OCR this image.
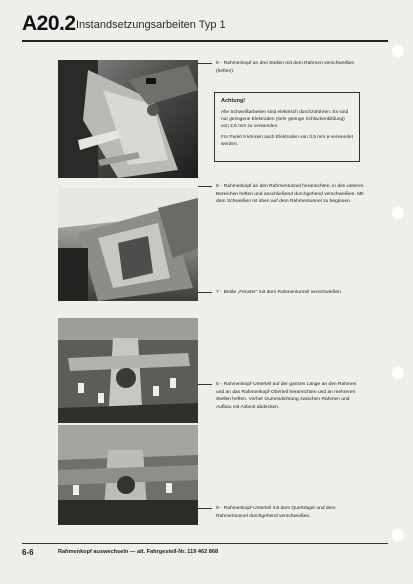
A20.2 Instandsetzungsarbeiten Typ 1
5 - Rahmenkopf an drei Stellen mit dem Rahmen verschweißen (heften).
Achtung!

Alle Schweißarbeiten sind elektrisch durchzuführen. Es sind nur gezogene Elektroden (sehr geringe Schlackenbildung) von 2,5 mm zu verwenden.

Für Punkt 9 können auch Elektroden von 3,5 mm ø verwendet werden.

6 - Rahmenkopf an den Rahmentunnel heranrichten, in den unteren Bereichen heften und anschließend durchgehend verschweißen. Mit dem Schweißen ist oben auf dem Rahmentunnel zu beginnen.
7 - Beide „Fenster“ mit dem Rahmentunnel verschweißen.
8 - Rahmenkopf-Unterteil auf der ganzen Länge an den Rahmen und an das Rahmenkopf-Oberteil heranrichten und an mehreren Stellen heften. Vorher Gummidichtung zwischen Rahmen und Aufbau mit Asbest abdecken.
9 - Rahmenkopf-Unterteil mit dem Querträger und dem Rahmentunnel durchgehend verschweißen.
6-6	Rahmenkopf auswechseln — alt. Fahrgestell-Nr. 119 462 868
